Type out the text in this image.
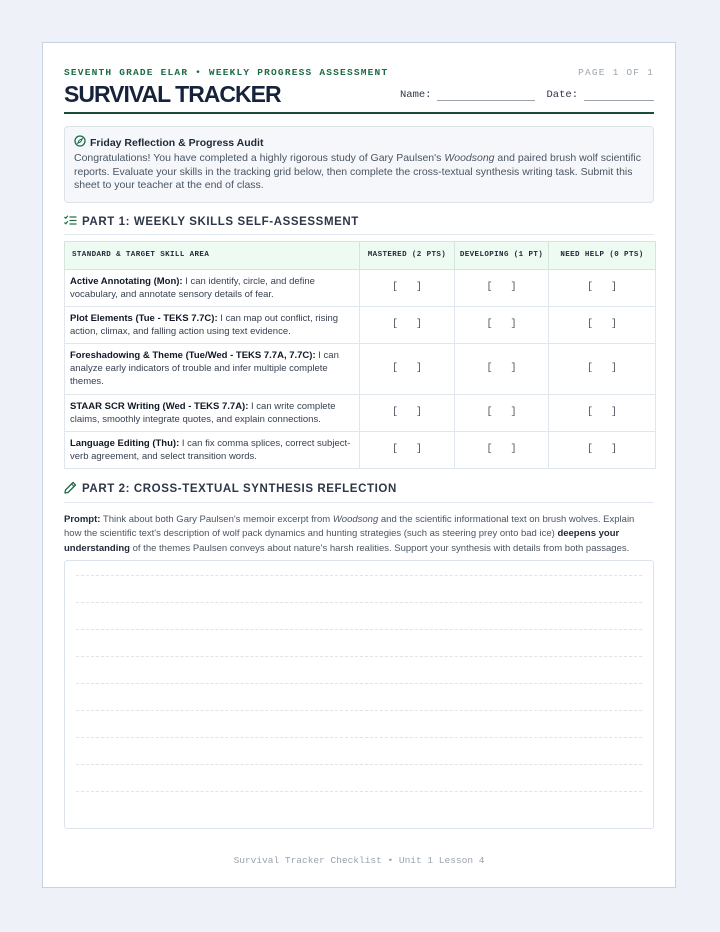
SEVENTH GRADE ELAR • WEEKLY PROGRESS ASSESSMENT	PAGE 1 OF 1
SURVIVAL TRACKER	Name:	Date:
Friday Reflection & Progress Audit
Congratulations! You have completed a highly rigorous study of Gary Paulsen's Woodsong and paired brush wolf scientific reports. Evaluate your skills in the tracking grid below, then complete the cross-textual synthesis writing task. Submit this sheet to your teacher at the end of class.
PART 1: WEEKLY SKILLS SELF-ASSESSMENT
STANDARD & TARGET SKILL AREA	MASTERED (2 PTS)	DEVELOPING (1 PT)	NEED HELP (0 PTS)
Active Annotating (Mon): I can identify, circle, and define vocabulary, and annotate sensory details of fear.	[   ]	[   ]	[   ]
Plot Elements (Tue - TEKS 7.7C): I can map out conflict, rising action, climax, and falling action using text evidence.	[   ]	[   ]	[   ]
Foreshadowing & Theme (Tue/Wed - TEKS 7.7A, 7.7C): I can analyze early indicators of trouble and infer multiple complete themes.	[   ]	[   ]	[   ]
STAAR SCR Writing (Wed - TEKS 7.7A): I can write complete claims, smoothly integrate quotes, and explain connections.	[   ]	[   ]	[   ]
Language Editing (Thu): I can fix comma splices, correct subject-verb agreement, and select transition words.	[   ]	[   ]	[   ]
PART 2: CROSS-TEXTUAL SYNTHESIS REFLECTION
Prompt: Think about both Gary Paulsen's memoir excerpt from Woodsong and the scientific informational text on brush wolves. Explain how the scientific text's description of wolf pack dynamics and hunting strategies (such as steering prey onto bad ice) deepens your understanding of the themes Paulsen conveys about nature's harsh realities. Support your synthesis with details from both passages.
Survival Tracker Checklist • Unit 1 Lesson 4
